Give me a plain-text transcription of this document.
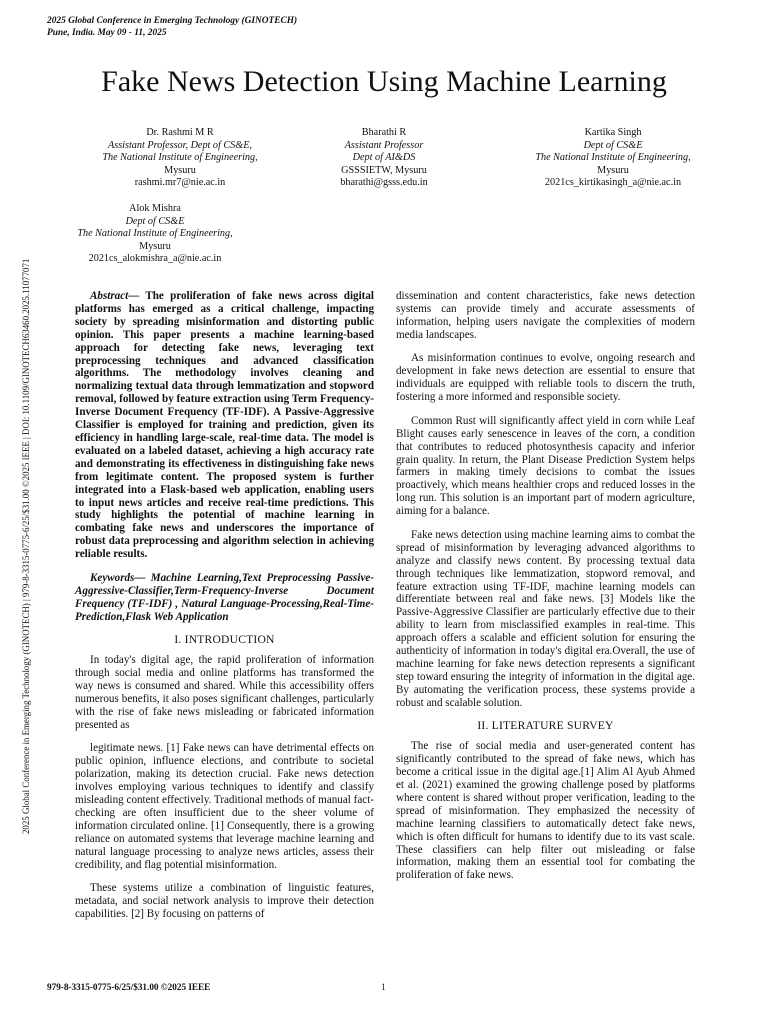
2025 Global Conference in Emerging Technology (GINOTECH)
Pune, India. May 09 - 11, 2025
Fake News Detection Using Machine Learning
Dr. Rashmi M R
Assistant Professor, Dept of CS&E,
The National Institute of Engineering,
Mysuru
rashmi.mr7@nie.ac.in
Bharathi R
Assistant Professor
Dept of AI&DS
GSSSIETW, Mysuru
bharathi@gsss.edu.in
Kartika Singh
Dept of CS&E
The National Institute of Engineering,
Mysuru
2021cs_kirtikasingh_a@nie.ac.in
Alok Mishra
Dept of CS&E
The National Institute of Engineering,
Mysuru
2021cs_alokmishra_a@nie.ac.in
2025 Global Conference in Emerging Technology (GINOTECH) | 979-8-3315-0775-6/25/$31.00 ©2025 IEEE | DOI: 10.1109/GINOTECH63460.2025.11077071	Abstract— The proliferation of fake news across digital platforms has emerged as a critical challenge, impacting society by spreading misinformation and distorting public opinion. This paper presents a machine learning-based approach for detecting fake news, leveraging text preprocessing techniques and advanced classification algorithms. The methodology involves cleaning and normalizing textual data through lemmatization and stopword removal, followed by feature extraction using Term Frequency-Inverse Document Frequency (TF-IDF). A Passive-Aggressive Classifier is employed for training and prediction, given its efficiency in handling large-scale, real-time data. The model is evaluated on a labeled dataset, achieving a high accuracy rate and demonstrating its effectiveness in distinguishing fake news from legitimate content. The proposed system is further integrated into a Flask-based web application, enabling users to input news articles and receive real-time predictions. This study highlights the potential of machine learning in combating fake news and underscores the importance of robust data preprocessing and algorithm selection in achieving reliable results.

Keywords— Machine Learning,Text Preprocessing Passive-Aggressive-Classifier,Term-Frequency-Inverse Document Frequency (TF-IDF) , Natural Language-Processing,Real-Time-Prediction,Flask Web Application

I. INTRODUCTION

In today's digital age, the rapid proliferation of information through social media and online platforms has transformed the way news is consumed and shared. While this accessibility offers numerous benefits, it also poses significant challenges, particularly with the rise of fake news misleading or fabricated information presented as

legitimate news. [1] Fake news can have detrimental effects on public opinion, influence elections, and contribute to societal polarization, making its detection crucial. Fake news detection involves employing various techniques to identify and classify misleading content effectively. Traditional methods of manual fact-checking are often insufficient due to the sheer volume of information circulated online. [1] Consequently, there is a growing reliance on automated systems that leverage machine learning and natural language processing to analyze news articles, assess their credibility, and flag potential misinformation.

These systems utilize a combination of linguistic features, metadata, and social network analysis to improve their detection capabilities. [2] By focusing on patterns of

dissemination and content characteristics, fake news detection systems can provide timely and accurate assessments of information, helping users navigate the complexities of modern media landscapes.

As misinformation continues to evolve, ongoing research and development in fake news detection are essential to ensure that individuals are equipped with reliable tools to discern the truth, fostering a more informed and responsible society.

Common Rust will significantly affect yield in corn while Leaf Blight causes early senescence in leaves of the corn, a condition that contributes to reduced photosynthesis capacity and inferior grain quality. In return, the Plant Disease Prediction System helps farmers in making timely decisions to combat the issues proactively, which means healthier crops and reduced losses in the long run. This solution is an important part of modern agriculture, aiming for a balance.

Fake news detection using machine learning aims to combat the spread of misinformation by leveraging advanced algorithms to analyze and classify news content. By processing textual data through techniques like lemmatization, stopword removal, and feature extraction using TF-IDF, machine learning models can differentiate between real and fake news. [3] Models like the Passive-Aggressive Classifier are particularly effective due to their ability to learn from misclassified examples in real-time. This approach offers a scalable and efficient solution for ensuring the authenticity of information in today's digital era.Overall, the use of machine learning for fake news detection represents a significant step toward ensuring the integrity of information in the digital age. By automating the verification process, these systems provide a robust and scalable solution.

II. LITERATURE SURVEY

The rise of social media and user-generated content has significantly contributed to the spread of fake news, which has become a critical issue in the digital age.[1] Alim Al Ayub Ahmed et al. (2021) examined the growing challenge posed by platforms where content is shared without proper verification, leading to the spread of misinformation. They emphasized the necessity of machine learning classifiers to automatically detect fake news, which is often difficult for humans to identify due to its vast scale. These classifiers can help filter out misleading or false information, making them an essential tool for combating the proliferation of fake news.

979-8-3315-0775-6/25/$31.00 ©2025 IEEE	1
